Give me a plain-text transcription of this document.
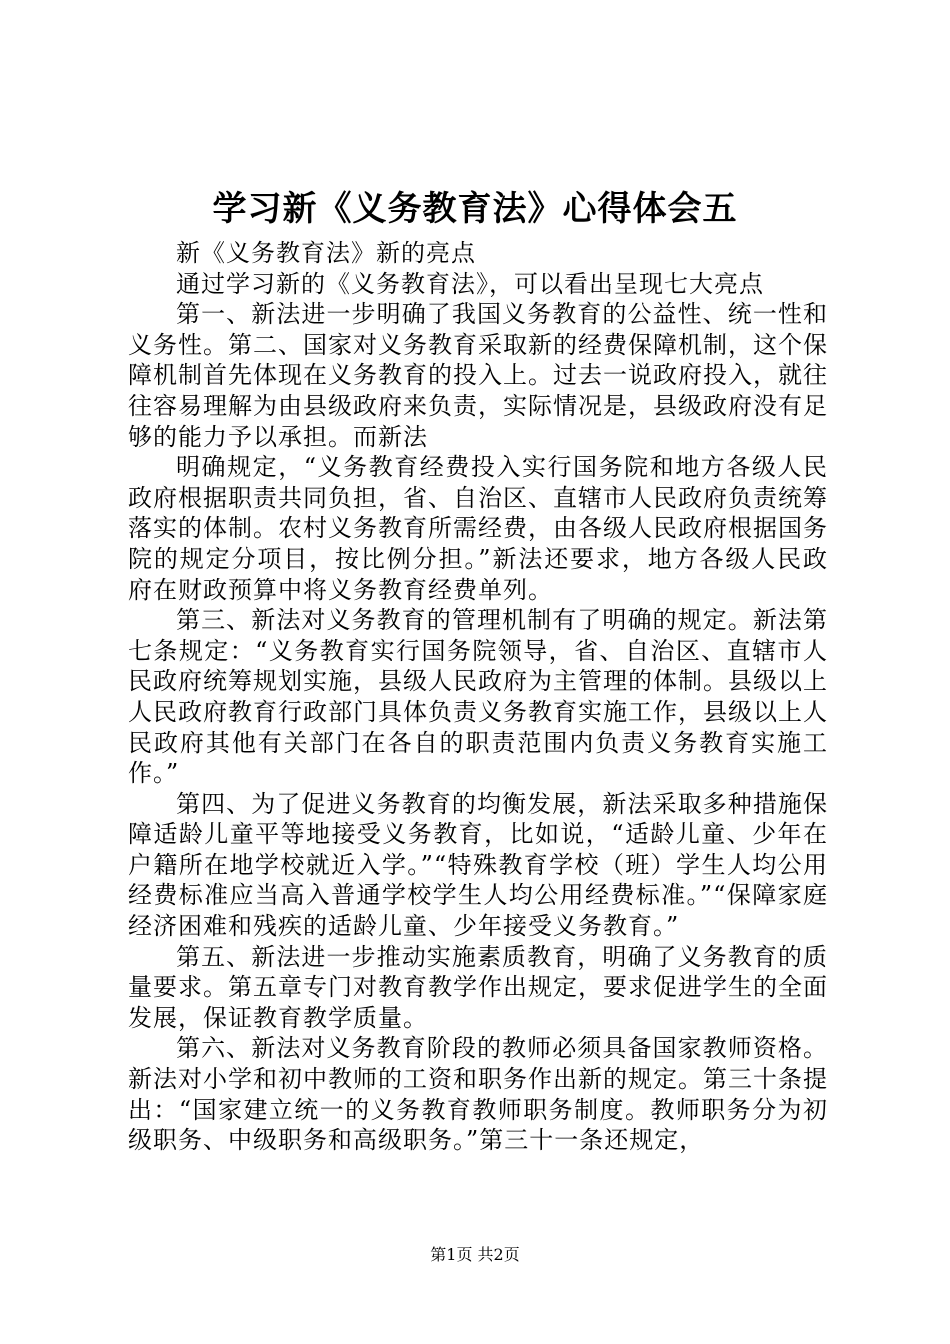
学习新《义务教育法》心得体会五

新《义务教育法》新的亮点

通过学习新的《义务教育法》，可以看出呈现七大亮点

第一、新法进一步明确了我国义务教育的公益性、统一性和义务性。第二、国家对义务教育采取新的经费保障机制，这个保障机制首先体现在义务教育的投入上。过去一说政府投入，就往往容易理解为由县级政府来负责，实际情况是，县级政府没有足够的能力予以承担。而新法

明确规定，“义务教育经费投入实行国务院和地方各级人民政府根据职责共同负担，省、自治区、直辖市人民政府负责统筹落实的体制。农村义务教育所需经费，由各级人民政府根据国务院的规定分项目，按比例分担。”新法还要求，地方各级人民政府在财政预算中将义务教育经费单列。

第三、新法对义务教育的管理机制有了明确的规定。新法第七条规定：“义务教育实行国务院领导，省、自治区、直辖市人民政府统筹规划实施，县级人民政府为主管理的体制。县级以上人民政府教育行政部门具体负责义务教育实施工作，县级以上人民政府其他有关部门在各自的职责范围内负责义务教育实施工作。”

第四、为了促进义务教育的均衡发展，新法采取多种措施保障适龄儿童平等地接受义务教育，比如说，“适龄儿童、少年在户籍所在地学校就近入学。”“特殊教育学校（班）学生人均公用经费标准应当高入普通学校学生人均公用经费标准。”“保障家庭经济困难和残疾的适龄儿童、少年接受义务教育。”

第五、新法进一步推动实施素质教育，明确了义务教育的质量要求。第五章专门对教育教学作出规定，要求促进学生的全面发展，保证教育教学质量。

第六、新法对义务教育阶段的教师必须具备国家教师资格。新法对小学和初中教师的工资和职务作出新的规定。第三十条提出：“国家建立统一的义务教育教师职务制度。教师职务分为初级职务、中级职务和高级职务。”第三十一条还规定，

第1页 共2页
